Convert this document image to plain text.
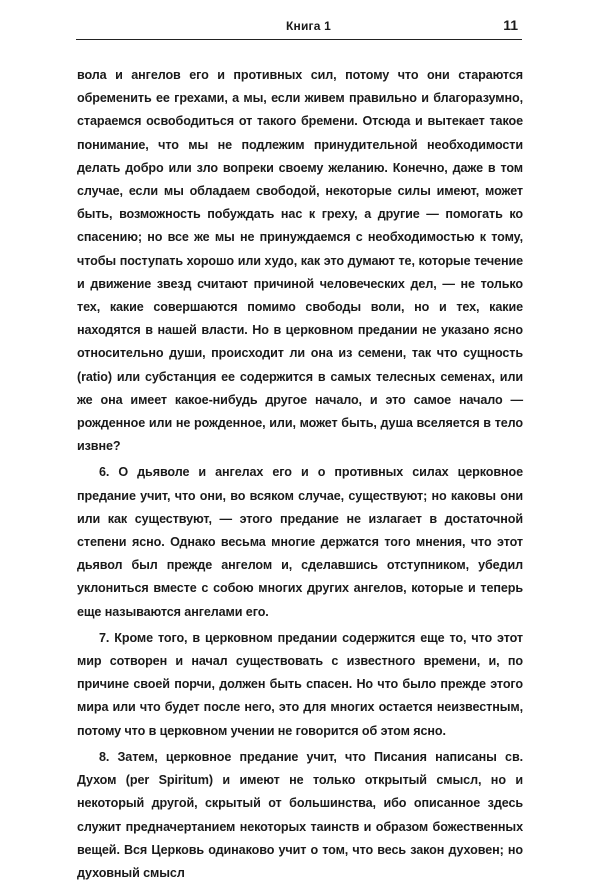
Книга 1	11

вола и ангелов его и противных сил, потому что они стараются обременить ее грехами, а мы, если живем правильно и благоразумно, стараемся освободиться от такого бремени. Отсюда и вытекает такое понимание, что мы не подлежим принудительной необходимости делать добро или зло вопреки своему желанию. Конечно, даже в том случае, если мы обладаем свободой, некоторые силы имеют, может быть, возможность побуждать нас к греху, а другие — помогать ко спасению; но все же мы не принуждаемся с необходимостью к тому, чтобы поступать хорошо или худо, как это думают те, которые течение и движение звезд считают причиной человеческих дел, — не только тех, какие совершаются помимо свободы воли, но и тех, какие находятся в нашей власти. Но в церковном предании не указано ясно относительно души, происходит ли она из семени, так что сущность (ratio) или субстанция ее содержится в самых телесных семенах, или же она имеет какое-нибудь другое начало, и это самое начало — рожденное или не рожденное, или, может быть, душа вселяется в тело извне?

6. О дьяволе и ангелах его и о противных силах церковное предание учит, что они, во всяком случае, существуют; но каковы они или как существуют, — этого предание не излагает в достаточной степени ясно. Однако весьма многие держатся того мнения, что этот дьявол был прежде ангелом и, сделавшись отступником, убедил уклониться вместе с собою многих других ангелов, которые и теперь еще называются ангелами его.

7. Кроме того, в церковном предании содержится еще то, что этот мир сотворен и начал существовать с известного времени, и, по причине своей порчи, должен быть спасен. Но что было прежде этого мира или что будет после него, это для многих остается неизвестным, потому что в церковном учении не говорится об этом ясно.

8. Затем, церковное предание учит, что Писания написаны св. Духом (per Spiritum) и имеют не только открытый смысл, но и некоторый другой, скрытый от большинства, ибо описанное здесь служит предначертанием некоторых таинств и образом божественных вещей. Вся Церковь одинаково учит о том, что весь закон духовен; но духовный смысл
